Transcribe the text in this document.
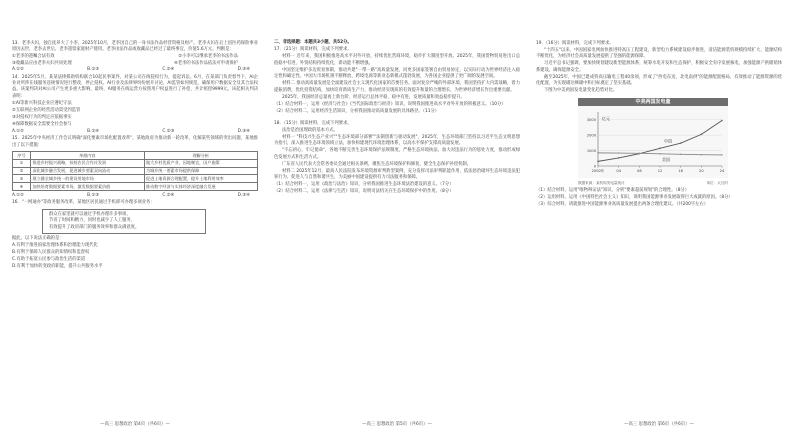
13．老李夫妇，独自抚养大了小李，2025年10月，老李因自己的一身书法作品经营资格及财产。老李夫妇在后上因医药保险事业原因去世，老李去世后，老李遗留家庭财产使用。老李由法作品或收藏品已经过了最终事宜，价值5.6万元。判断是：

①老李的遗嘱合法有效	②小李可以继承老李的书法作品
③收藏品应由老李夫妇共同处理	④老李的书法作品依法可申请保护
A.①②	B.①③	C.②④	D.③④

14．2025年5月，某某法律援助机构联合10起民事案件，对某公司在线侵权行为，提起诉讼。6月，在某部门负责督导下，AI企业对所涉在线服务违规情况进行整改，停止侵权。AI行业及法律界纷纷展开讨论，AI监管如何规范，确保用户数据安全及其合法权益。该案判决对AI公司产生更多重大影响，最终，AI服务在线运营方按照用户权益进行了补偿，共计赔偿9999元。该起相关判决表明：

①AI等新兴科技企业应遵纪守法

②互联网企业的经营活动需受到监管

③对侵权行为的判定应依据事实

④保障数据安全需要全社会参与

A.①②	B.①④	C.②③	D.③④

15．2025年中央经济工作会议明确"深化要素市场化配置改革"，某地政府为推动新一轮改革，化解某些领域的突出问题，某地推出了以下措施：

序号	举措内容	理解分析
①	推进乡村振兴战略，扶持农民合作社发展	做大乡村优质产业，因地制宜，因户施策
②	深化城乡融合发展，促进城乡要素双向流动	为城乡统一要素市场提供保障
③	建立健全城乡统一的建设用地市场	促进土地资源合理配置，提升土地利用效率
④	加快培育数据要素市场，激发数据要素价值	推动数字经济与实体经济深度融合发展
A.①②	B.①③	C.②④	D.③④

16．"一网通办"等政务服务改革，某地区居民通过手机即可办理多项业务：

群众在家里就可以通过手机办理许多事项，
节省了时间和精力，同时也减少了人工服务，
有效提升了政府部门的服务效率和群众满意度。

据此，以下说法正确的是：

A.有利于推进国家治理体系和治理能力现代化

B.有利于保障人民群众的知情权和监督权

C.有助于拓宽公民参与政治生活的渠道

D.有利于加快转变政府职能，提升公共服务水平

—高三 思想政治 第4页（共6页）—

二、非选择题：本题共3小题，共52分。

17．（21分）阅读材料，完成下列要求。

材料一 近年来，我国积极推进高水平对外开放，持续优化营商环境，稳步扩大制度型开放。2025年，我国货物贸易进出口总值稳中有进，外贸结构持续优化，新动能不断增强。

中国坚定维护多边贸易体制，推动共建"一带一路"高质量发展，同更多国家签署自由贸易协定，以实际行动为世界经济注入稳定性和确定性。中国大市场机遇不断释放，跨境电商等新业态新模式蓬勃发展，为各国企业提供了更广阔的发展空间。

材料二 推动高质量发展是全面建设社会主义现代化国家的首要任务。面对复杂严峻的外部环境，我国坚持扩大内需战略，着力提振消费，优化投资结构，加快培育新质生产力，推动经济实现质的有效提升和量的合理增长，为世界经济增长作出重要贡献。

2025年，我国经济总量再上新台阶，经济运行总体平稳、稳中有进，发展质量和效益稳步提升。

（1）结合材料一，运用《经济与社会》《当代国际政治与经济》知识，说明我国推进高水平对外开放的积极意义。（10分）

（2）结合材料二，运用经济生活知识，分析我国推动高质量发展的具体路径。（11分）

18．（15分）阅读材料，完成下列要求。

法治是治国理政的基本方式。

材料一 "科技兴生态产业兴""生态环境部分部署""法制创新与驱动发展"，2025年，生态环境部门坚持以习近平生态文明思想为指引，深入推进生态环境领域立法，加快构建现代环境治理体系，以高水平保护支撑高质量发展。

"不忘初心，牢记使命"，各地不断完善生态环境保护法规制度，严格生态环境执法，加大对违法行为的惩处力度，推动形成绿色发展方式和生活方式。

广东省人民代表大会常务委员会通过相关条例，聚焦生态环境保护和修复，健全生态保护补偿机制。

材料二 2025年12月，最高人民法院发布环境资源审判典型案例，充分发挥司法审判职能作用，依法惩治破坏生态环境违法犯罪行为，促进人与自然和谐共生，为美丽中国建设提供有力司法服务和保障。

（1）结合材料一，运用《政治与法治》知识，分析我国推进生态环境法治建设的意义。（7分）

（2）结合材料二，运用《法律与生活》知识，说明司法机关在生态环境保护中的作用。（8分）

—高三 思想政治 第5页（共6页）—

19．（16分）阅读材料，完成下列要求。

"十四五"以来，中国国家电网加快推进特高压工程建设，新型电力系统建设稳步推进，清洁能源装机规模持续扩大，能源结构不断优化，为经济社会高质量发展提供了坚强的能源保障。

习近平总书记强调，要加快规划建设新型能源体系，统筹水电开发和生态保护，积极安全有序发展核电，加强能源产供储销体系建设，确保能源安全。

截至2025年，中国已建成特高压输电工程40余项，形成了"西电东送、北电南供"的能源配置格局，有效推动了能源资源的优化配置，为实现碳达峰碳中和目标奠定了坚实基础。

下图为中美两国发电量变化趋势对比。

中美两国发电量
0
1000
2000
3000
2000年	04	08	12	16	20	24
中国
美国
亿元
数据来源：某机构发电量统计	单位：太瓦时

（1）结合材料，运用"唯物辩证法"知识，分析"要素超前规划"的合理性。（8分）

（2）运用材料，运用《中国特色社会主义》知识，说明我国能源事业发展取得巨大成就的原因。（8分）

（3）综合材料，请就推进中国能源事业高质量发展提出两条合理化建议。（共200字左右）

—高三 思想政治 第6页（共6页）—
